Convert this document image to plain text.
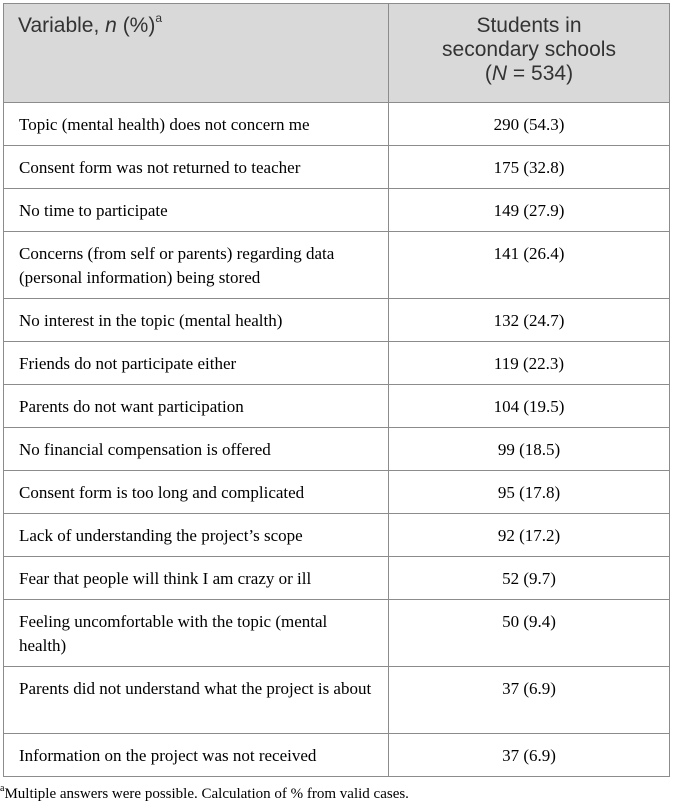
Variable, n (%)$^a$	Students in
secondary schools
(N = 534)
Topic (mental health) does not concern me	290 (54.3)
Consent form was not returned to teacher	175 (32.8)
No time to participate	149 (27.9)
Concerns (from self or parents) regarding data (personal information) being stored	141 (26.4)
No interest in the topic (mental health)	132 (24.7)
Friends do not participate either	119 (22.3)
Parents do not want participation	104 (19.5)
No financial compensation is offered	99 (18.5)
Consent form is too long and complicated	95 (17.8)
Lack of understanding the project’s scope	92 (17.2)
Fear that people will think I am crazy or ill	52 (9.7)
Feeling uncomfortable with the topic (mental health)	50 (9.4)
Parents did not understand what the project is about	37 (6.9)
Information on the project was not received	37 (6.9)
$^a$Multiple answers were possible. Calculation of % from valid cases.
